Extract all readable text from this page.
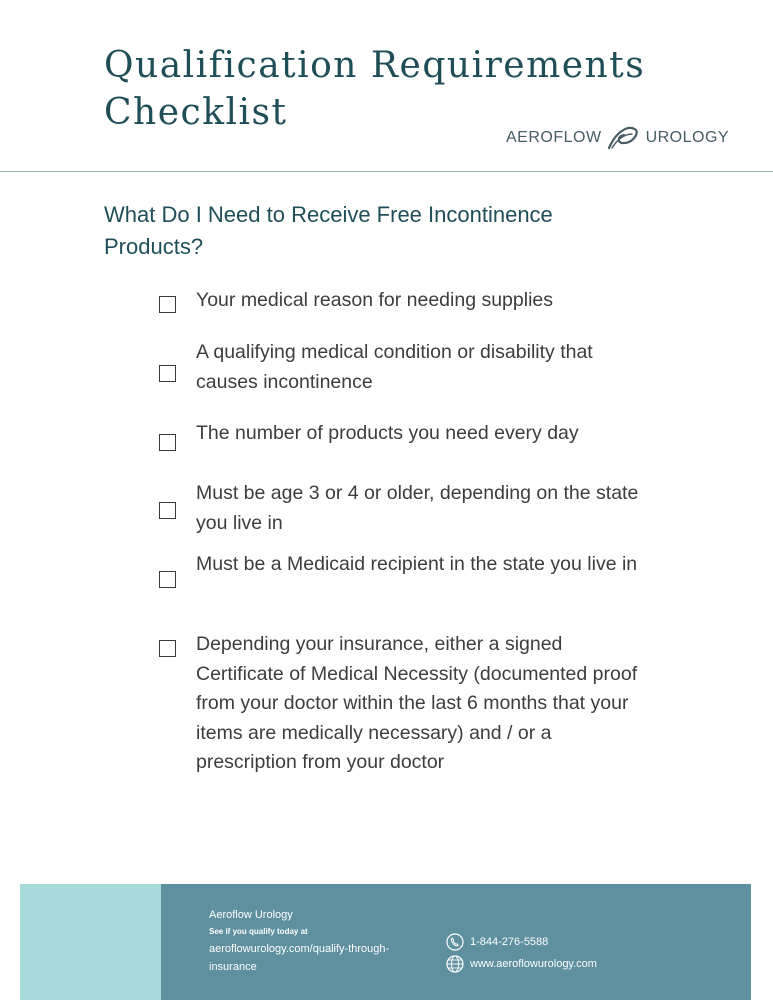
Qualification Requirements
Checklist
AEROFLOW	UROLOGY
What Do I Need to Receive Free Incontinence Products?
Your medical reason for needing supplies
A qualifying medical condition or disability that causes incontinence
The number of products you need every day
Must be age 3 or 4 or older, depending on the state you live in
Must be a Medicaid recipient in the state you live in
Depending your insurance, either a signed Certificate of Medical Necessity (documented proof from your doctor within the last 6 months that your items are medically necessary) and / or a prescription from your doctor
Aeroflow Urology
See if you qualify today at
aeroflowurology.com/qualify-through-insurance
1-844-276-5588
www.aeroflowurology.com
